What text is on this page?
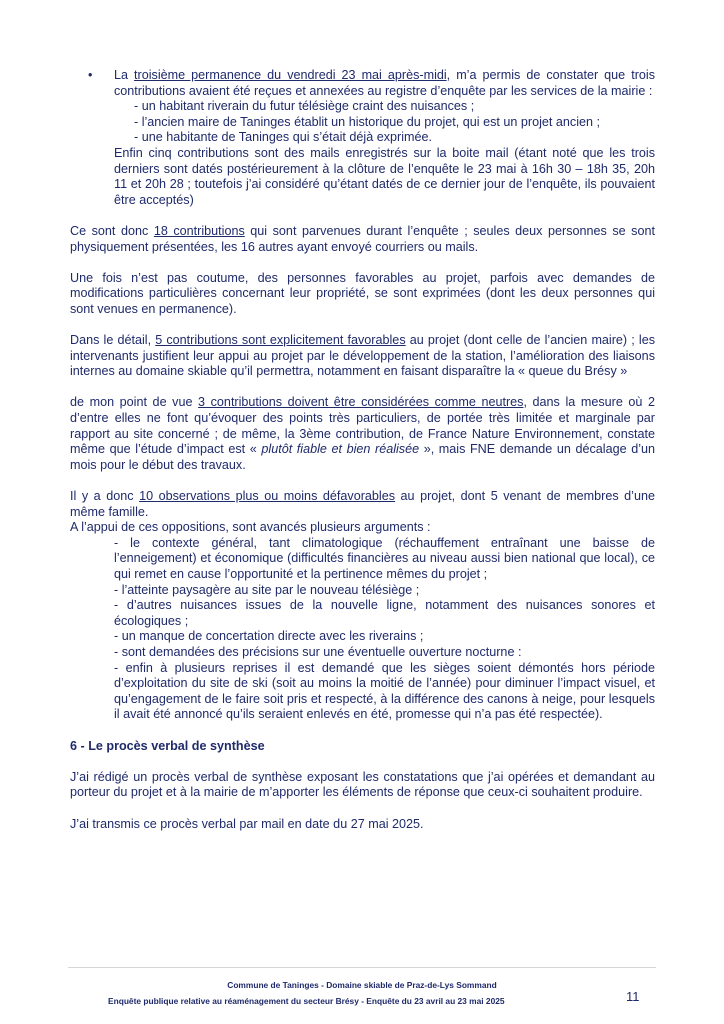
• La troisième permanence du vendredi 23 mai après-midi, m’a permis de constater que trois contributions avaient été reçues et annexées au registre d’enquête par les services de la mairie :

- un habitant riverain du futur télésiège craint des nuisances ;

- l’ancien maire de Taninges établit un historique du projet, qui est un projet ancien ;

- une habitante de Taninges qui s’était déjà exprimée.

Enfin cinq contributions sont des mails enregistrés sur la boite mail (étant noté que les trois derniers sont datés postérieurement à la clôture de l’enquête le 23 mai à 16h 30 – 18h 35, 20h 11 et 20h 28 ; toutefois j’ai considéré qu’étant datés de ce dernier jour de l’enquête, ils pouvaient être acceptés)

Ce sont donc 18 contributions qui sont parvenues durant l’enquête ; seules deux personnes se sont physiquement présentées, les 16 autres ayant envoyé courriers ou mails.

Une fois n’est pas coutume, des personnes favorables au projet, parfois avec demandes de modifications particulières concernant leur propriété, se sont exprimées (dont les deux personnes qui sont venues en permanence).

Dans le détail, 5 contributions sont explicitement favorables au projet (dont celle de l’ancien maire) ; les intervenants justifient leur appui au projet par le développement de la station, l’amélioration des liaisons internes au domaine skiable qu’il permettra, notamment en faisant disparaître la « queue du Brésy »

de mon point de vue 3 contributions doivent être considérées comme neutres, dans la mesure où 2 d’entre elles ne font qu’évoquer des points très particuliers, de portée très limitée et marginale par rapport au site concerné ; de même, la 3ème contribution, de France Nature Environnement, constate même que l’étude d’impact est « plutôt fiable et bien réalisée », mais FNE demande un décalage d’un mois pour le début des travaux.

Il y a donc 10 observations plus ou moins défavorables au projet, dont 5 venant de membres d’une même famille.

A l’appui de ces oppositions, sont avancés plusieurs arguments :

- le contexte général, tant climatologique (réchauffement entraînant une baisse de l’enneigement) et économique (difficultés financières au niveau aussi bien national que local), ce qui remet en cause l’opportunité et la pertinence mêmes du projet ;

- l’atteinte paysagère au site par le nouveau télésiège ;

- d’autres nuisances issues de la nouvelle ligne, notamment des nuisances sonores et écologiques ;

- un manque de concertation directe avec les riverains ;

- sont demandées des précisions sur une éventuelle ouverture nocturne :

- enfin à plusieurs reprises il est demandé que les sièges soient démontés hors période d’exploitation du site de ski (soit au moins la moitié de l’année) pour diminuer l’impact visuel, et qu’engagement de le faire soit pris et respecté, à la différence des canons à neige, pour lesquels il avait été annoncé qu’ils seraient enlevés en été, promesse qui n’a pas été respectée).

6 - Le procès verbal de synthèse

J’ai rédigé un procès verbal de synthèse exposant les constatations que j’ai opérées et demandant au porteur du projet et à la mairie de m’apporter les éléments de réponse que ceux-ci souhaitent produire.

J’ai transmis ce procès verbal par mail en date du 27 mai 2025.

Commune de Taninges - Domaine skiable de Praz-de-Lys Sommand
Enquête publique relative au réaménagement du secteur Brésy - Enquête du 23 avril au 23 mai 2025	11
